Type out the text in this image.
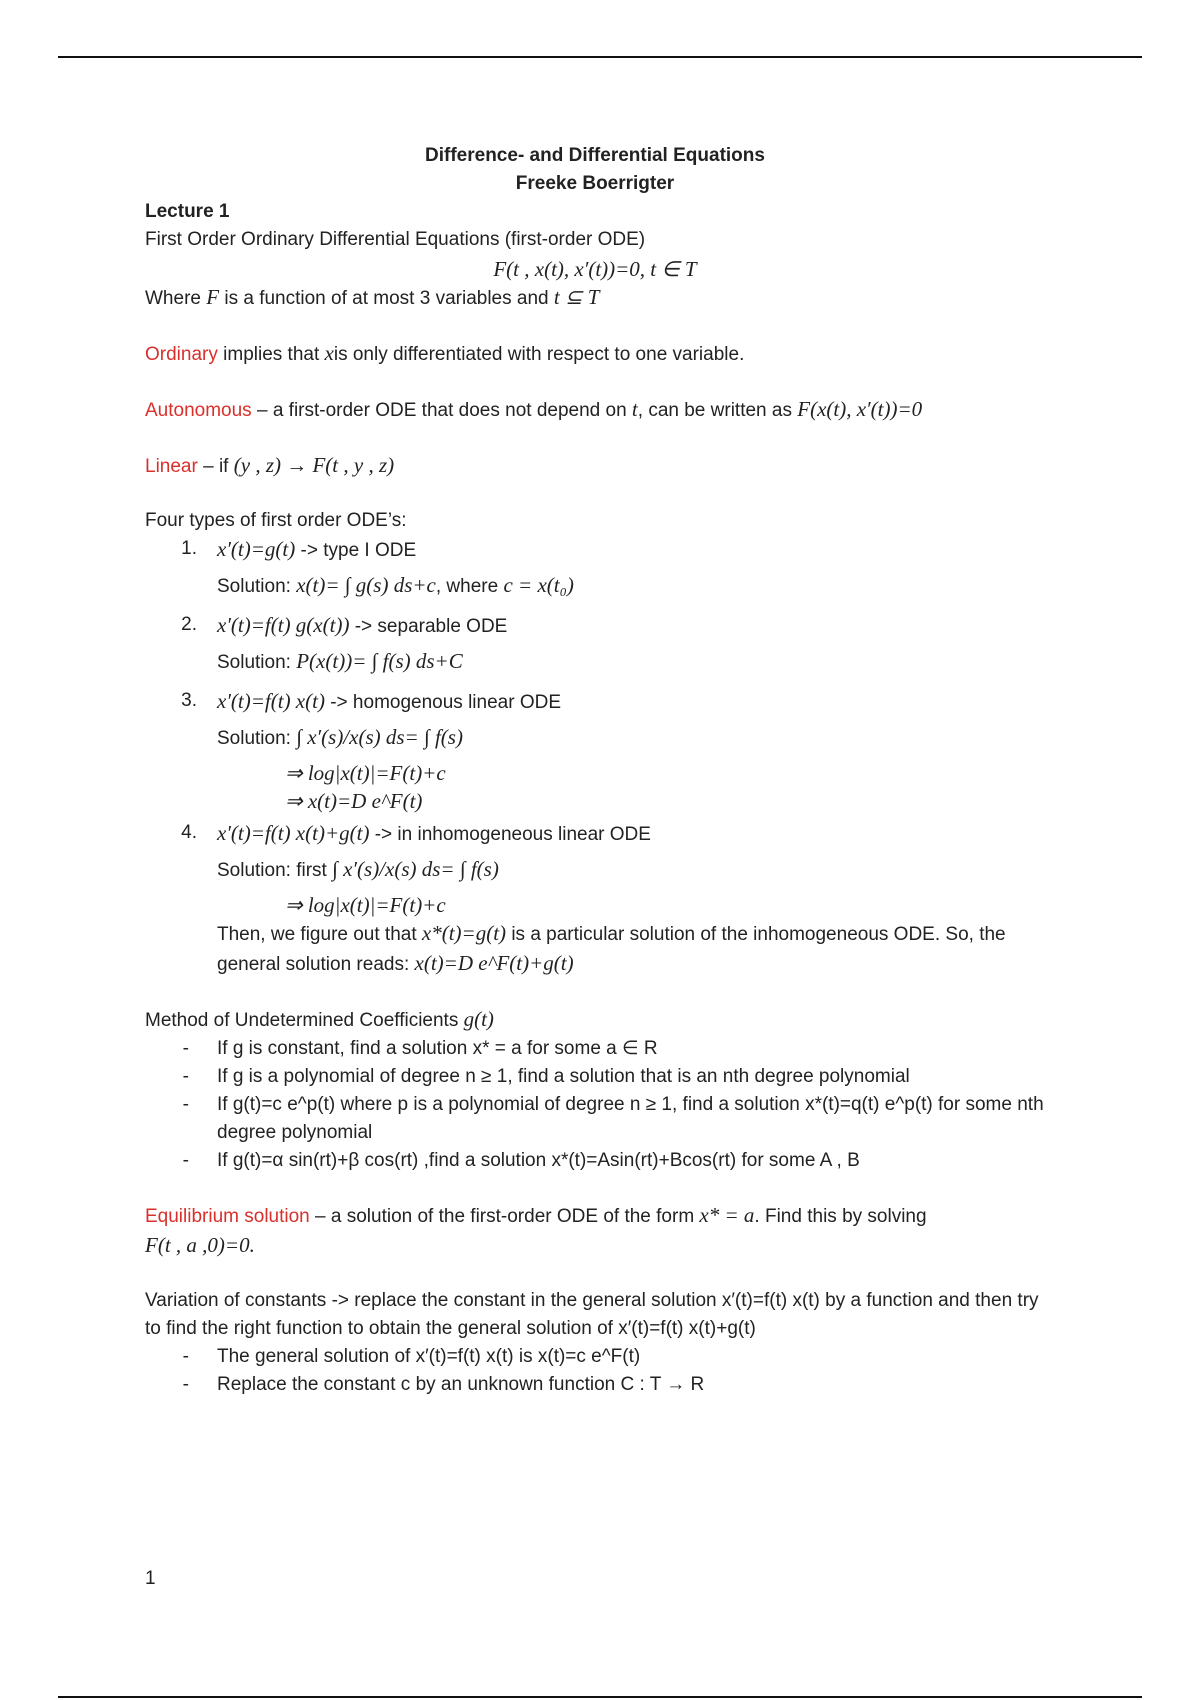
Difference- and Differential Equations
Freeke Boerrigter
Lecture 1
First Order Ordinary Differential Equations (first-order ODE)
F(t , x(t), x′(t))=0, t ∈ T
Where F is a function of at most 3 variables and t ⊆ T
Ordinary implies that xis only differentiated with respect to one variable.
Autonomous – a first-order ODE that does not depend on t, can be written as F(x(t), x′(t))=0
Linear – if (y , z) → F(t , y , z)
Four types of first order ODE’s:
1. x′(t)=g(t) -> type I ODE
Solution: x(t)= ∫ g(s) ds+c, where c = x(t₀)
2. x′(t)=f(t) g(x(t)) -> separable ODE
Solution: P(x(t))= ∫ f(s) ds+C
3. x′(t)=f(t) x(t) -> homogenous linear ODE
Solution: ∫ x′(s)/x(s) ds= ∫ f(s)
⇒ log|x(t)|=F(t)+c
⇒ x(t)=D e^F(t)
4. x′(t)=f(t) x(t)+g(t) -> in inhomogeneous linear ODE
Solution: first ∫ x′(s)/x(s) ds= ∫ f(s)
⇒ log|x(t)|=F(t)+c
Then, we figure out that x*(t)=g(t) is a particular solution of the inhomogeneous ODE. So, the general solution reads: x(t)=D e^F(t)+g(t)
Method of Undetermined Coefficients g(t)
-	If g is constant, find a solution x* = a for some a ∈ R
-	If g is a polynomial of degree n ≥ 1, find a solution that is an nth degree polynomial
-	If g(t)=c e^p(t) where p is a polynomial of degree n ≥ 1, find a solution x*(t)=q(t) e^p(t) for some nth degree polynomial
-	If g(t)=α sin(rt)+β cos(rt) ,find a solution x*(t)=Asin(rt)+Bcos(rt) for some A , B
Equilibrium solution – a solution of the first-order ODE of the form x* = a. Find this by solving
F(t , a ,0)=0.
Variation of constants -> replace the constant in the general solution x′(t)=f(t) x(t) by a function and then try to find the right function to obtain the general solution of x′(t)=f(t) x(t)+g(t)
-	The general solution of x′(t)=f(t) x(t) is x(t)=c e^F(t)
-	Replace the constant c by an unknown function C : T → R
1
